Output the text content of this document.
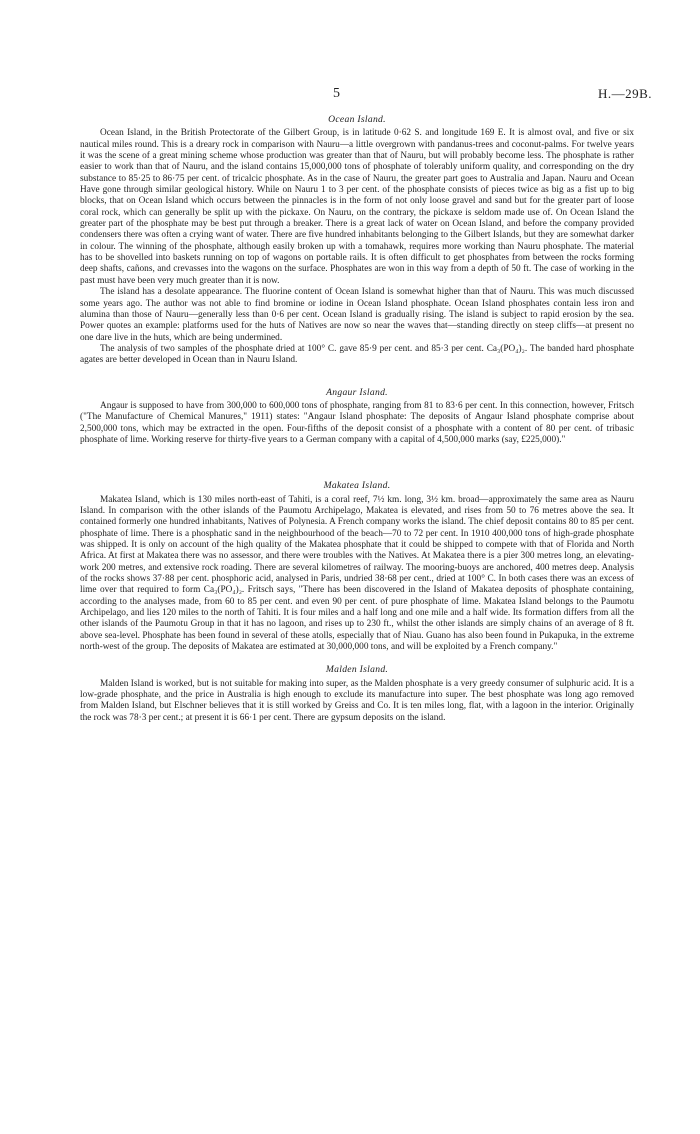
5	H.—29B.
Ocean Island.

Ocean Island, in the British Protectorate of the Gilbert Group, is in latitude 0·62 S. and longitude 169 E. It is almost oval, and five or six nautical miles round. This is a dreary rock in comparison with Nauru—a little overgrown with pandanus-trees and coconut-palms. For twelve years it was the scene of a great mining scheme whose production was greater than that of Nauru, but will probably become less. The phosphate is rather easier to work than that of Nauru, and the island contains 15,000,000 tons of phosphate of tolerably uniform quality, and corresponding on the dry substance to 85·25 to 86·75 per cent. of tricalcic phosphate. As in the case of Nauru, the greater part goes to Australia and Japan. Nauru and Ocean Have gone through similar geological history. While on Nauru 1 to 3 per cent. of the phosphate consists of pieces twice as big as a fist up to big blocks, that on Ocean Island which occurs between the pinnacles is in the form of not only loose gravel and sand but for the greater part of loose coral rock, which can generally be split up with the pickaxe. On Nauru, on the contrary, the pickaxe is seldom made use of. On Ocean Island the greater part of the phosphate may be best put through a breaker. There is a great lack of water on Ocean Island, and before the company provided condensers there was often a crying want of water. There are five hundred inhabitants belonging to the Gilbert Islands, but they are somewhat darker in colour. The winning of the phosphate, although easily broken up with a tomahawk, requires more working than Nauru phosphate. The material has to be shovelled into baskets running on top of wagons on portable rails. It is often difficult to get phosphates from between the rocks forming deep shafts, cañons, and crevasses into the wagons on the surface. Phosphates are won in this way from a depth of 50 ft. The case of working in the past must have been very much greater than it is now.

The island has a desolate appearance. The fluorine content of Ocean Island is somewhat higher than that of Nauru. This was much discussed some years ago. The author was not able to find bromine or iodine in Ocean Island phosphate. Ocean Island phosphates contain less iron and alumina than those of Nauru—generally less than 0·6 per cent. Ocean Island is gradually rising. The island is subject to rapid erosion by the sea. Power quotes an example: platforms used for the huts of Natives are now so near the waves that—standing directly on steep cliffs—at present no one dare live in the huts, which are being undermined.

The analysis of two samples of the phosphate dried at 100° C. gave 85·9 per cent. and 85·3 per cent. Ca₃(PO₄)₂. The banded hard phosphate agates are better developed in Ocean than in Nauru Island.

Angaur Island.

Angaur is supposed to have from 300,000 to 600,000 tons of phosphate, ranging from 81 to 83·6 per cent. In this connection, however, Fritsch ("The Manufacture of Chemical Manures," 1911) states: "Angaur Island phosphate: The deposits of Angaur Island phosphate comprise about 2,500,000 tons, which may be extracted in the open. Four-fifths of the deposit consist of a phosphate with a content of 80 per cent. of tribasic phosphate of lime. Working reserve for thirty-five years to a German company with a capital of 4,500,000 marks (say, £225,000)."

Makatea Island.

Makatea Island, which is 130 miles north-east of Tahiti, is a coral reef, 7½ km. long, 3½ km. broad—approximately the same area as Nauru Island. In comparison with the other islands of the Paumotu Archipelago, Makatea is elevated, and rises from 50 to 76 metres above the sea. It contained formerly one hundred inhabitants, Natives of Polynesia. A French company works the island. The chief deposit contains 80 to 85 per cent. phosphate of lime. There is a phosphatic sand in the neighbourhood of the beach—70 to 72 per cent. In 1910 400,000 tons of high-grade phosphate was shipped. It is only on account of the high quality of the Makatea phosphate that it could be shipped to compete with that of Florida and North Africa. At first at Makatea there was no assessor, and there were troubles with the Natives. At Makatea there is a pier 300 metres long, an elevating-work 200 metres, and extensive rock roading. There are several kilometres of railway. The mooring-buoys are anchored, 400 metres deep. Analysis of the rocks shows 37·88 per cent. phosphoric acid, analysed in Paris, undried 38·68 per cent., dried at 100° C. In both cases there was an excess of lime over that required to form Ca₃(PO₄)₂. Fritsch says, "There has been discovered in the Island of Makatea deposits of phosphate containing, according to the analyses made, from 60 to 85 per cent. and even 90 per cent. of pure phosphate of lime. Makatea Island belongs to the Paumotu Archipelago, and lies 120 miles to the north of Tahiti. It is four miles and a half long and one mile and a half wide. Its formation differs from all the other islands of the Paumotu Group in that it has no lagoon, and rises up to 230 ft., whilst the other islands are simply chains of an average of 8 ft. above sea-level. Phosphate has been found in several of these atolls, especially that of Niau. Guano has also been found in Pukapuka, in the extreme north-west of the group. The deposits of Makatea are estimated at 30,000,000 tons, and will be exploited by a French company."

Malden Island.

Malden Island is worked, but is not suitable for making into super, as the Malden phosphate is a very greedy consumer of sulphuric acid. It is a low-grade phosphate, and the price in Australia is high enough to exclude its manufacture into super. The best phosphate was long ago removed from Malden Island, but Elschner believes that it is still worked by Greiss and Co. It is ten miles long, flat, with a lagoon in the interior. Originally the rock was 78·3 per cent.; at present it is 66·1 per cent. There are gypsum deposits on the island.
